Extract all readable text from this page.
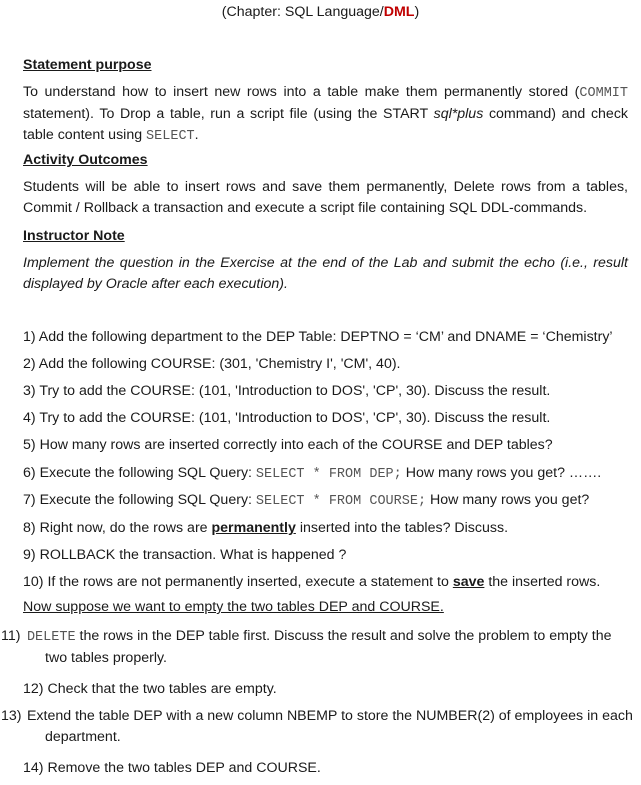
(Chapter: SQL Language/DML)
Statement purpose
To understand how to insert new rows into a table make them permanently stored (COMMIT statement). To Drop a table, run a script file (using the START sql*plus command) and check table content using SELECT.
Activity Outcomes
Students will be able to insert rows and save them permanently, Delete rows from a tables, Commit / Rollback a transaction and execute a script file containing SQL DDL-commands.
Instructor Note
Implement the question in the Exercise at the end of the Lab and submit the echo (i.e., result displayed by Oracle after each execution).
1) Add the following department to the DEP Table: DEPTNO = ‘CM’ and DNAME = ‘Chemistry’
2) Add the following COURSE: (301, 'Chemistry I', 'CM', 40).
3) Try to add the COURSE: (101, 'Introduction to DOS', 'CP', 30). Discuss the result.
4) Try to add the COURSE: (101, 'Introduction to DOS', 'CP', 30). Discuss the result.
5) How many rows are inserted correctly into each of the COURSE and DEP tables?
6) Execute the following SQL Query: SELECT * FROM DEP; How many rows you get? …….
7) Execute the following SQL Query: SELECT * FROM COURSE; How many rows you get?
8) Right now, do the rows are permanently inserted into the tables? Discuss.
9) ROLLBACK the transaction. What is happened ?
10) If the rows are not permanently inserted, execute a statement to save the inserted rows.
Now suppose we want to empty the two tables DEP and COURSE.
11) DELETE the rows in the DEP table first. Discuss the result and solve the problem to empty the two tables properly.
12) Check that the two tables are empty.
13) Extend the table DEP with a new column NBEMP to store the NUMBER(2) of employees in each department.
14) Remove the two tables DEP and COURSE.
